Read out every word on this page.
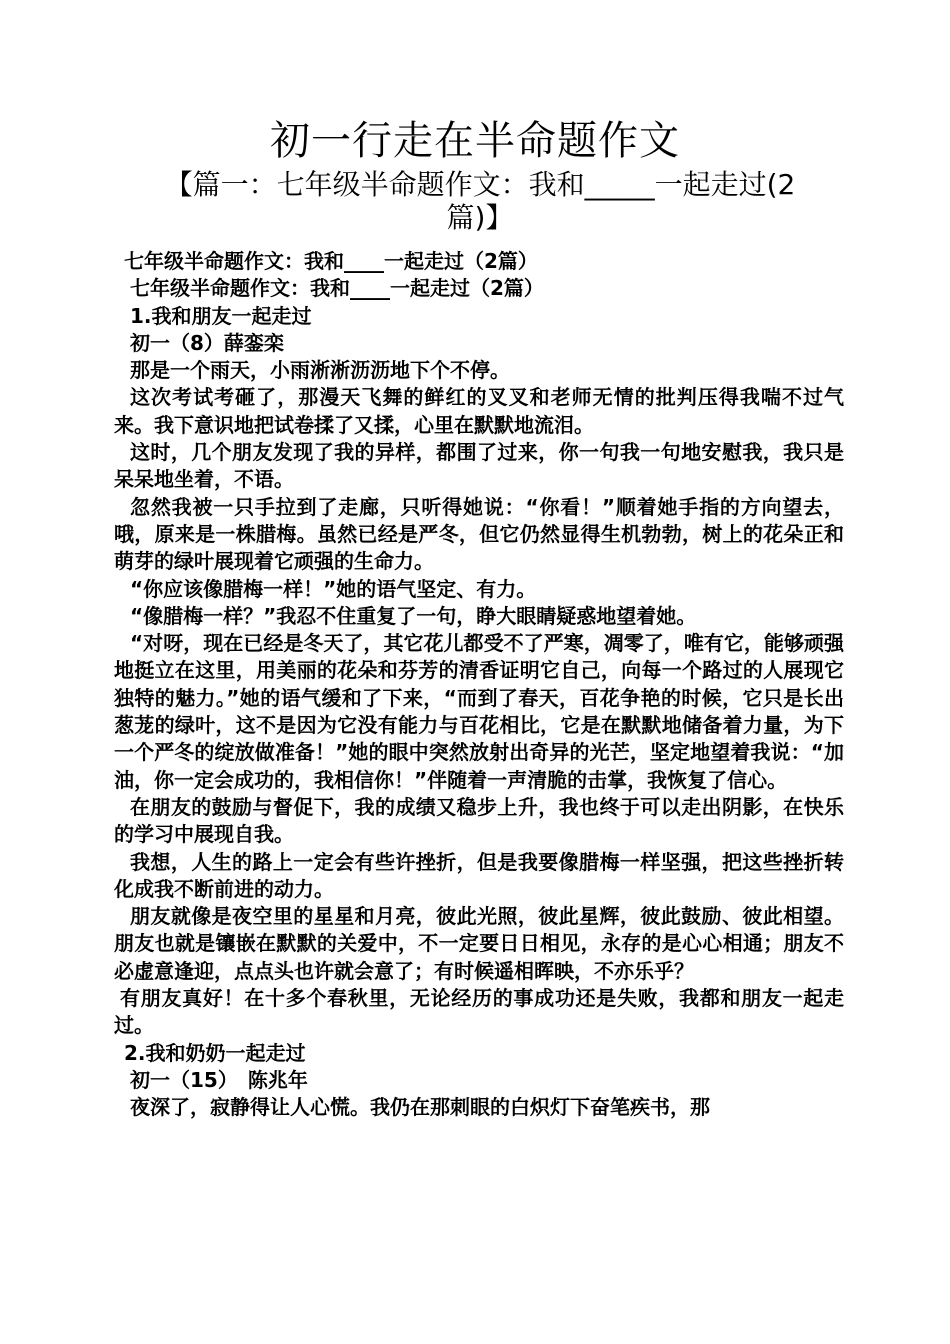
初一行走在半命题作文
【篇一：七年级半命题作文：我和_____一起走过(2篇)】

七年级半命题作文：我和____一起走过（2篇）

七年级半命题作文：我和____一起走过（2篇）

1.我和朋友一起走过

初一（8）薛銮栾

那是一个雨天，小雨淅淅沥沥地下个不停。

这次考试考砸了，那漫天飞舞的鲜红的叉叉和老师无情的批判压得我喘不过气来。我下意识地把试卷揉了又揉，心里在默默地流泪。

这时，几个朋友发现了我的异样，都围了过来，你一句我一句地安慰我，我只是呆呆地坐着，不语。

忽然我被一只手拉到了走廊，只听得她说：“你看！”顺着她手指的方向望去，哦，原来是一株腊梅。虽然已经是严冬，但它仍然显得生机勃勃，树上的花朵正和萌芽的绿叶展现着它顽强的生命力。

“你应该像腊梅一样！”她的语气坚定、有力。

“像腊梅一样？”我忍不住重复了一句，睁大眼睛疑惑地望着她。

“对呀，现在已经是冬天了，其它花儿都受不了严寒，凋零了，唯有它，能够顽强地挺立在这里，用美丽的花朵和芬芳的清香证明它自己，向每一个路过的人展现它独特的魅力。”她的语气缓和了下来，“而到了春天，百花争艳的时候，它只是长出葱茏的绿叶，这不是因为它没有能力与百花相比，它是在默默地储备着力量，为下一个严冬的绽放做准备！”她的眼中突然放射出奇异的光芒，坚定地望着我说：“加油，你一定会成功的，我相信你！”伴随着一声清脆的击掌，我恢复了信心。

在朋友的鼓励与督促下，我的成绩又稳步上升，我也终于可以走出阴影，在快乐的学习中展现自我。

我想，人生的路上一定会有些许挫折，但是我要像腊梅一样坚强，把这些挫折转化成我不断前进的动力。

朋友就像是夜空里的星星和月亮，彼此光照，彼此星辉，彼此鼓励、彼此相望。朋友也就是镶嵌在默默的关爱中，不一定要日日相见，永存的是心心相通；朋友不必虚意逢迎，点点头也许就会意了；有时候遥相晖映，不亦乐乎？

有朋友真好！在十多个春秋里，无论经历的事成功还是失败，我都和朋友一起走过。

2.我和奶奶一起走过

初一（15）　陈兆年

夜深了，寂静得让人心慌。我仍在那刺眼的白炽灯下奋笔疾书，那
